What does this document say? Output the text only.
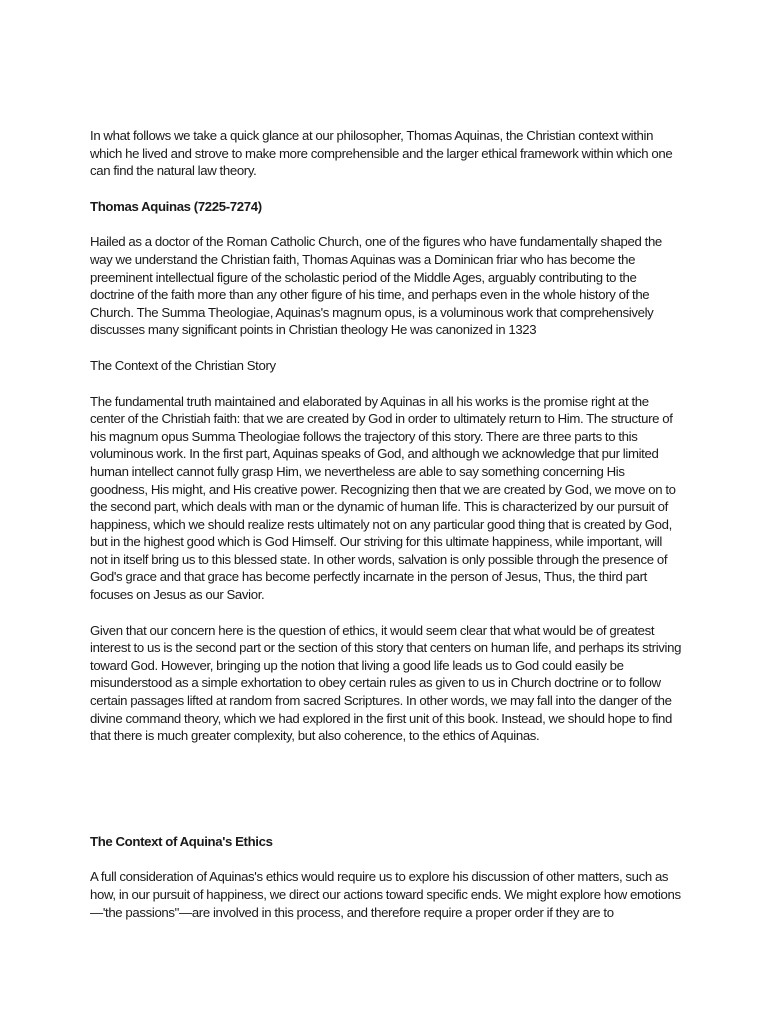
In what follows we take a quick glance at our philosopher, Thomas Aquinas, the Christian context within which he lived and strove to make more comprehensible and the larger ethical framework within which one can find the natural law theory.

Thomas Aquinas (7225-7274)

Hailed as a doctor of the Roman Catholic Church, one of the figures who have fundamentally shaped the way we understand the Christian faith, Thomas Aquinas was a Dominican friar who has become the preeminent intellectual figure of the scholastic period of the Middle Ages, arguably contributing to the doctrine of the faith more than any other figure of his time, and perhaps even in the whole history of the Church. The Summa Theologiae, Aquinas's magnum opus, is a voluminous work that comprehensively discusses many significant points in Christian theology He was canonized in 1323

The Context of the Christian Story

The fundamental truth maintained and elaborated by Aquinas in all his works is the promise right at the center of the Christiah faith: that we are created by God in order to ultimately return to Him. The structure of his magnum opus Summa Theologiae follows the trajectory of this story. There are three parts to this voluminous work. In the first part, Aquinas speaks of God, and although we acknowledge that pur limited human intellect cannot fully grasp Him, we nevertheless are able to say something concerning His goodness, His might, and His creative power. Recognizing then that we are created by God, we move on to the second part, which deals with man or the dynamic of human life. This is characterized by our pursuit of happiness, which we should realize rests ultimately not on any particular good thing that is created by God, but in the highest good which is God Himself. Our striving for this ultimate happiness, while important, will not in itself bring us to this blessed state. In other words, salvation is only possible through the presence of God's grace and that grace has become perfectly incarnate in the person of Jesus, Thus, the third part focuses on Jesus as our Savior.

Given that our concern here is the question of ethics, it would seem clear that what would be of greatest interest to us is the second part or the section of this story that centers on human life, and perhaps its striving toward God. However, bringing up the notion that living a good life leads us to God could easily be misunderstood as a simple exhortation to obey certain rules as given to us in Church doctrine or to follow certain passages lifted at random from sacred Scriptures. In other words, we may fall into the danger of the divine command theory, which we had explored in the first unit of this book. Instead, we should hope to find that there is much greater complexity, but also coherence, to the ethics of Aquinas.

The Context of Aquina's Ethics

A full consideration of Aquinas's ethics would require us to explore his discussion of other matters, such as how, in our pursuit of happiness, we direct our actions toward specific ends. We might explore how emotions—'the passions"—are involved in this process, and therefore require a proper order if they are to
